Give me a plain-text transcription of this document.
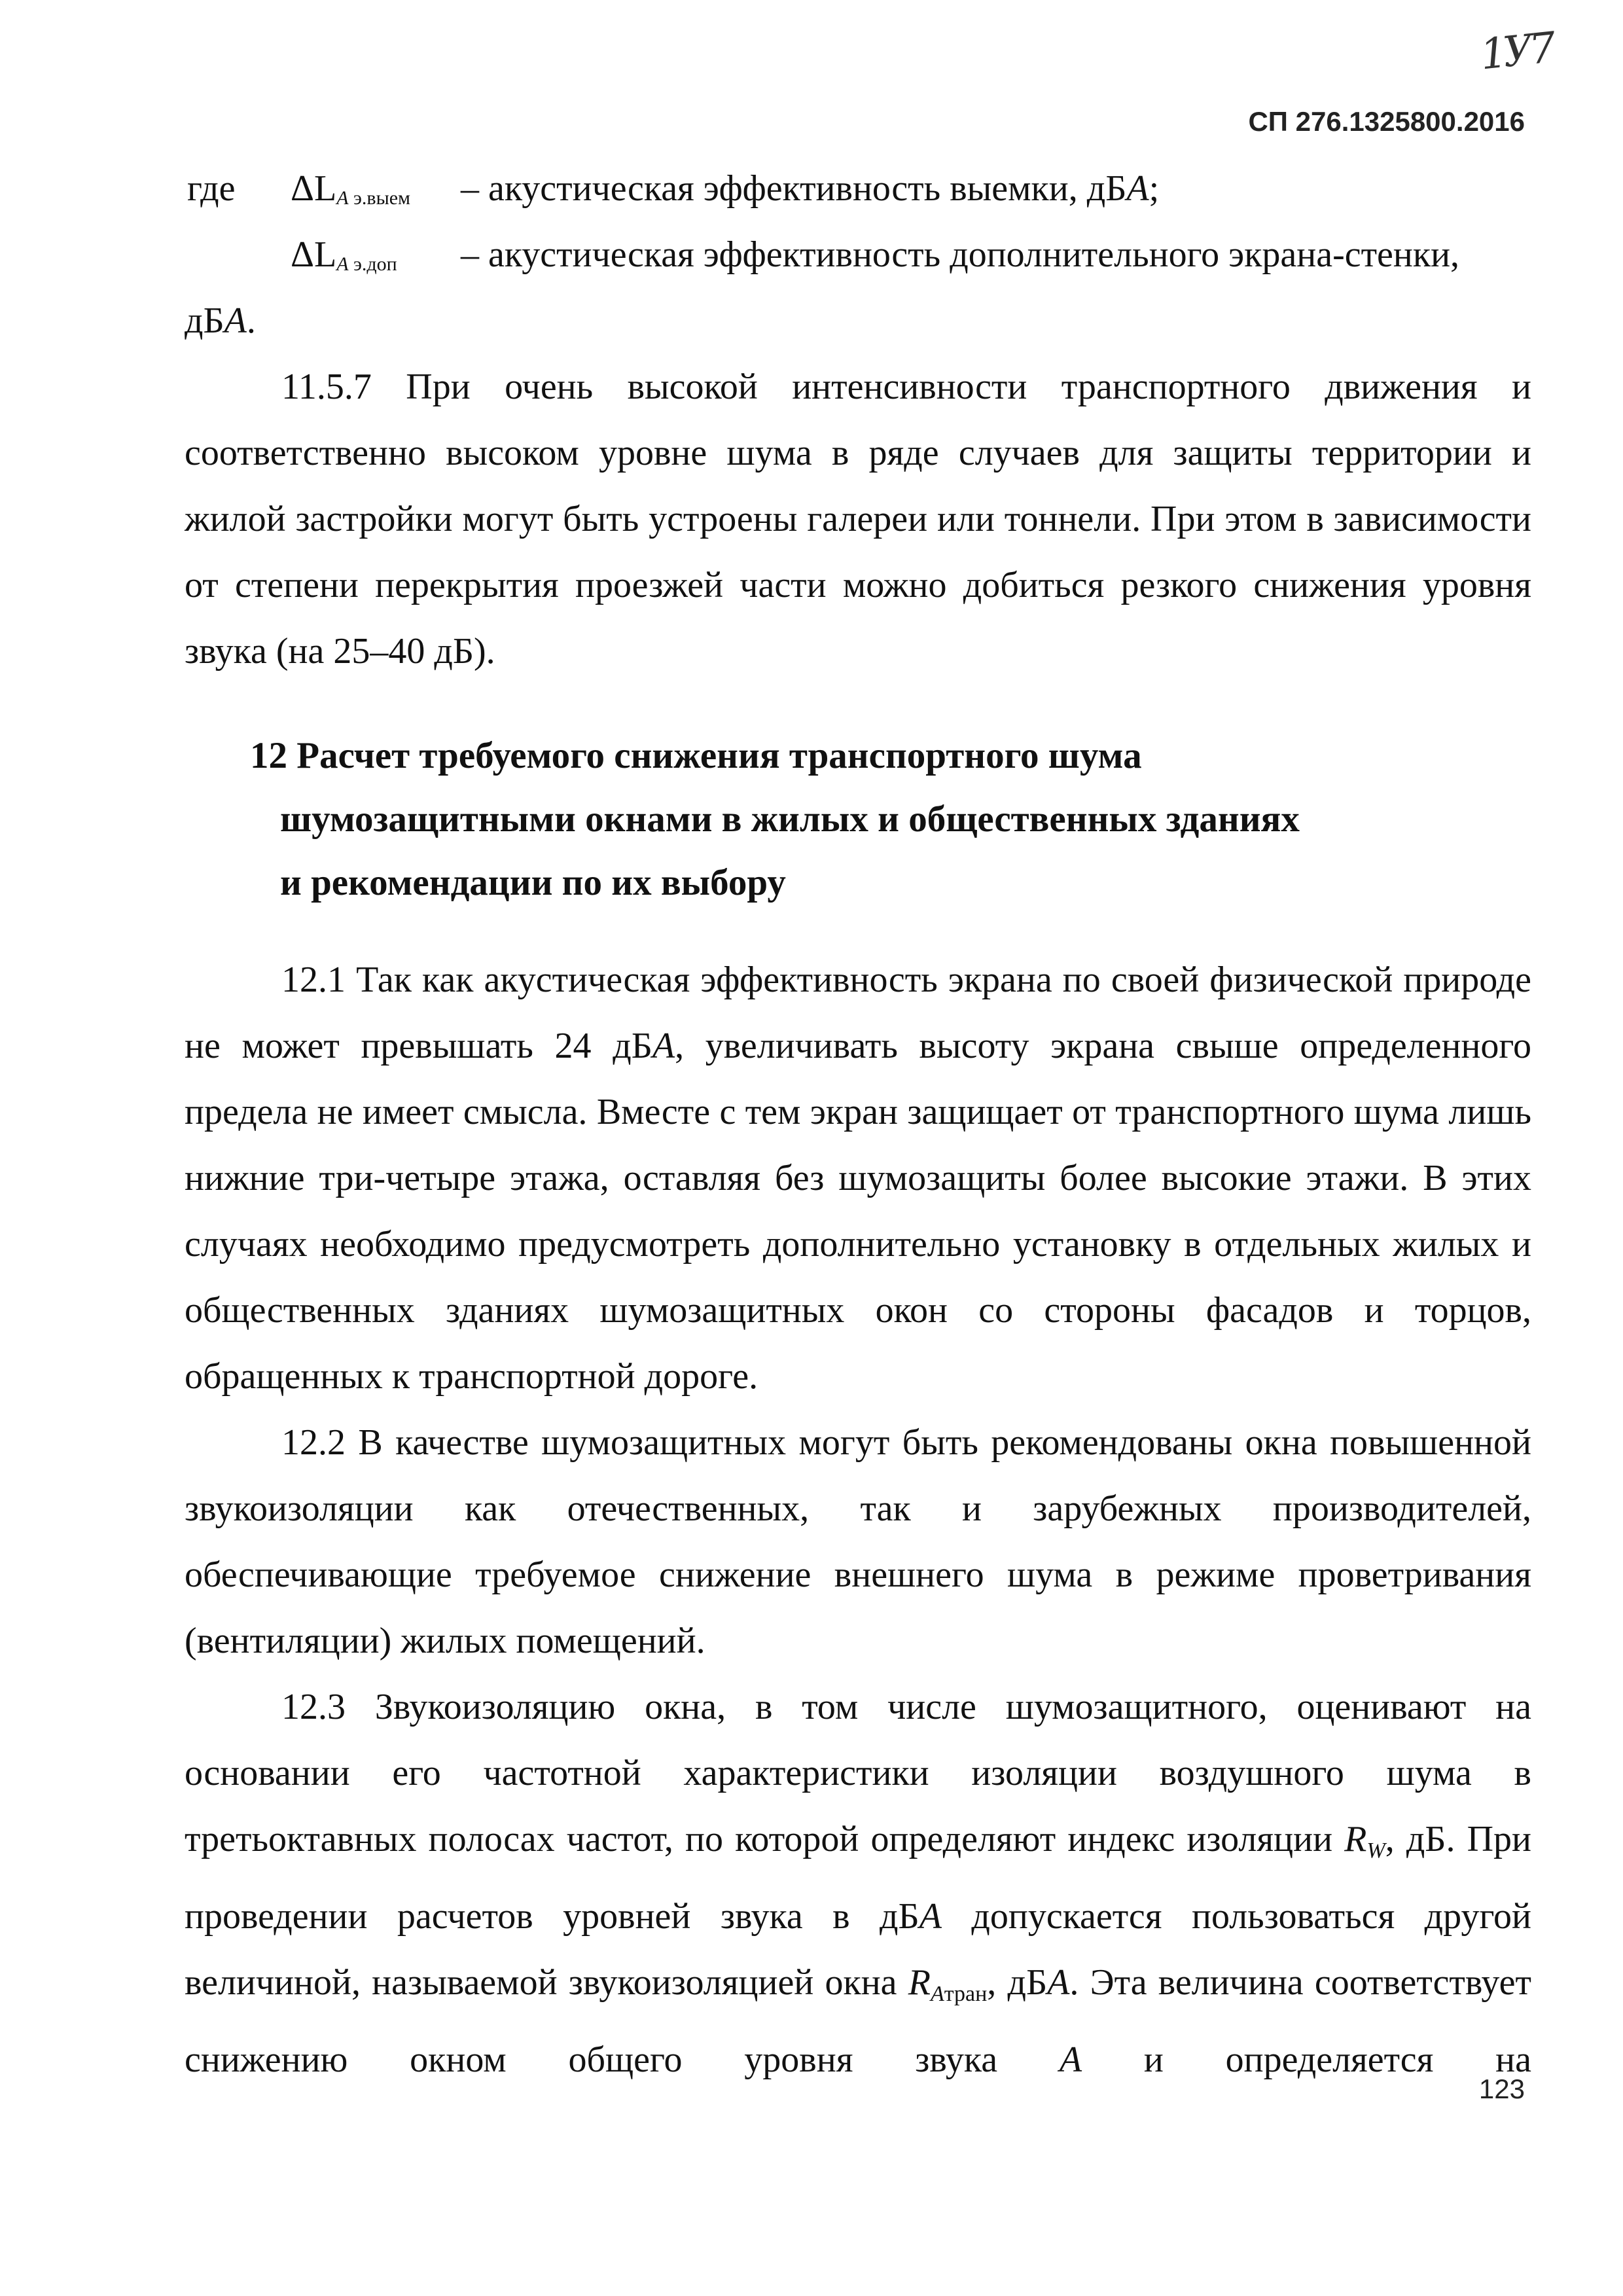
1У7
СП 276.1325800.2016
где $\Delta L_{A э.выем}$ – акустическая эффективность выемки, дБA;
$\Delta L_{A э.доп}$ – акустическая эффективность дополнительного экрана-стенки,
дБA.

11.5.7 При очень высокой интенсивности транспортного движения и соответственно высоком уровне шума в ряде случаев для защиты территории и жилой застройки могут быть устроены галереи или тоннели. При этом в зависимости от степени перекрытия проезжей части можно добиться резкого снижения уровня звука (на 25–40 дБ).

12 Расчет требуемого снижения транспортного шума
шумозащитными окнами в жилых и общественных зданиях
и рекомендации по их выбору

12.1 Так как акустическая эффективность экрана по своей физической природе не может превышать 24 дБA, увеличивать высоту экрана свыше определенного предела не имеет смысла. Вместе с тем экран защищает от транспортного шума лишь нижние три-четыре этажа, оставляя без шумозащиты более высокие этажи. В этих случаях необходимо предусмотреть дополнительно установку в отдельных жилых и общественных зданиях шумозащитных окон со стороны фасадов и торцов, обращенных к транспортной дороге.

12.2 В качестве шумозащитных могут быть рекомендованы окна повышенной звукоизоляции как отечественных, так и зарубежных производителей, обеспечивающие требуемое снижение внешнего шума в режиме проветривания (вентиляции) жилых помещений.

12.3 Звукоизоляцию окна, в том числе шумозащитного, оценивают на основании его частотной характеристики изоляции воздушного шума в третьоктавных полосах частот, по которой определяют индекс изоляции $R_W$, дБ. При проведении расчетов уровней звука в дБA допускается пользоваться другой величиной, называемой звукоизоляцией окна $R_{Aтран}$, дБA. Эта величина соответствует снижению окном общего уровня звука A и определяется на

123
